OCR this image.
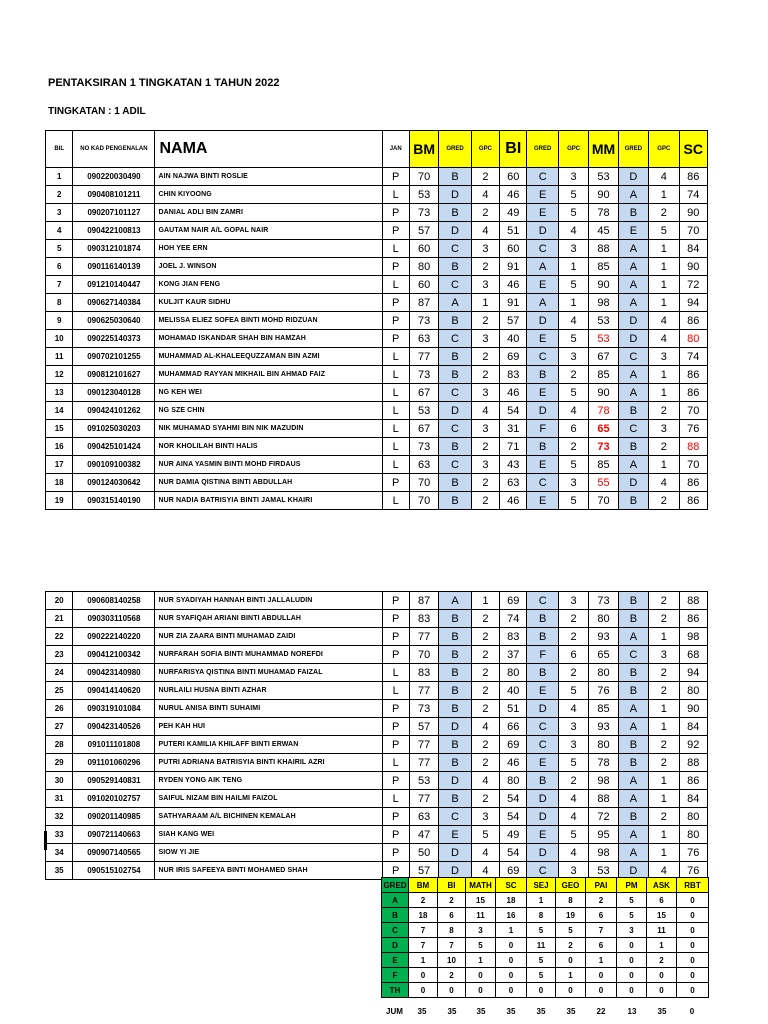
PENTAKSIRAN 1 TINGKATAN 1 TAHUN 2022
TINGKATAN : 1 ADIL
BIL	NO KAD PENGENALAN	NAMA	JAN	BM	GRED	GPC	BI	GRED	GPC	MM	GRED	GPC	SC
1	090220030490	AIN NAJWA BINTI ROSLIE	P	70	B	2	60	C	3	53	D	4	86
2	090408101211	CHIN KIYOONG	L	53	D	4	46	E	5	90	A	1	74
3	090207101127	DANIAL ADLI BIN ZAMRI	P	73	B	2	49	E	5	78	B	2	90
4	090422100813	GAUTAM NAIR A/L GOPAL NAIR	P	57	D	4	51	D	4	45	E	5	70
5	090312101874	HOH YEE ERN	L	60	C	3	60	C	3	88	A	1	84
6	090116140139	JOEL J. WINSON	P	80	B	2	91	A	1	85	A	1	90
7	091210140447	KONG JIAN FENG	L	60	C	3	46	E	5	90	A	1	72
8	090627140384	KULJIT KAUR SIDHU	P	87	A	1	91	A	1	98	A	1	94
9	090625030640	MELISSA ELIEZ SOFEA BINTI MOHD RIDZUAN	P	73	B	2	57	D	4	53	D	4	86
10	090225140373	MOHAMAD ISKANDAR SHAH BIN HAMZAH	P	63	C	3	40	E	5	53	D	4	80
11	090702101255	MUHAMMAD AL-KHALEEQUZZAMAN BIN AZMI	L	77	B	2	69	C	3	67	C	3	74
12	090812101627	MUHAMMAD RAYYAN MIKHAIL BIN AHMAD FAIZ	L	73	B	2	83	B	2	85	A	1	86
13	090123040128	NG KEH WEI	L	67	C	3	46	E	5	90	A	1	86
14	090424101262	NG SZE CHIN	L	53	D	4	54	D	4	78	B	2	70
15	091025030203	NIK MUHAMAD SYAHMI BIN NIK MAZUDIN	L	67	C	3	31	F	6	65	C	3	76
16	090425101424	NOR KHOLILAH BINTI HALIS	L	73	B	2	71	B	2	73	B	2	88
17	090109100382	NUR AINA YASMIN BINTI MOHD FIRDAUS	L	63	C	3	43	E	5	85	A	1	70
18	090124030642	NUR DAMIA QISTINA BINTI ABDULLAH	P	70	B	2	63	C	3	55	D	4	86
19	090315140190	NUR NADIA BATRISYIA BINTI JAMAL KHAIRI	L	70	B	2	46	E	5	70	B	2	86
20	090608140258	NUR SYADIYAH HANNAH BINTI JALLALUDIN	P	87	A	1	69	C	3	73	B	2	88
21	090303110568	NUR SYAFIQAH ARIANI BINTI ABDULLAH	P	83	B	2	74	B	2	80	B	2	86
22	090222140220	NUR ZIA ZAARA BINTI MUHAMAD ZAIDI	P	77	B	2	83	B	2	93	A	1	98
23	090412100342	NURFARAH SOFIA BINTI MUHAMMAD NOREFDI	P	70	B	2	37	F	6	65	C	3	68
24	090423140980	NURFARISYA QISTINA BINTI MUHAMAD FAIZAL	L	83	B	2	80	B	2	80	B	2	94
25	090414140620	NURLAILI HUSNA BINTI AZHAR	L	77	B	2	40	E	5	76	B	2	80
26	090319101084	NURUL ANISA BINTI SUHAIMI	P	73	B	2	51	D	4	85	A	1	90
27	090423140526	PEH KAH HUI	P	57	D	4	66	C	3	93	A	1	84
28	091011101808	PUTERI KAMILIA KHILAFF BINTI ERWAN	P	77	B	2	69	C	3	80	B	2	92
29	091101060296	PUTRI ADRIANA BATRISYIA BINTI KHAIRIL AZRI	L	77	B	2	46	E	5	78	B	2	88
30	090529140831	RYDEN YONG AIK TENG	P	53	D	4	80	B	2	98	A	1	86
31	091020102757	SAIFUL NIZAM BIN HAILMI FAIZOL	L	77	B	2	54	D	4	88	A	1	84
32	090201140985	SATHYARAAM A/L BICHINEN KEMALAH	P	63	C	3	54	D	4	72	B	2	80
33	090721140663	SIAH KANG WEI	P	47	E	5	49	E	5	95	A	1	80
34	090907140565	SIOW YI JIE	P	50	D	4	54	D	4	98	A	1	76
35	090515102754	NUR IRIS SAFEEYA BINTI MOHAMED SHAH	P	57	D	4	69	C	3	53	D	4	76
GRED	BM	BI	MATH	SC	SEJ	GEO	PAI	PM	ASK	RBT
A	2	2	15	18	1	8	2	5	6	0
B	18	6	11	16	8	19	6	5	15	0
C	7	8	3	1	5	5	7	3	11	0
D	7	7	5	0	11	2	6	0	1	0
E	1	10	1	0	5	0	1	0	2	0
F	0	2	0	0	5	1	0	0	0	0
TH	0	0	0	0	0	0	0	0	0	0
JUM	35	35	35	35	35	35	22	13	35	0
